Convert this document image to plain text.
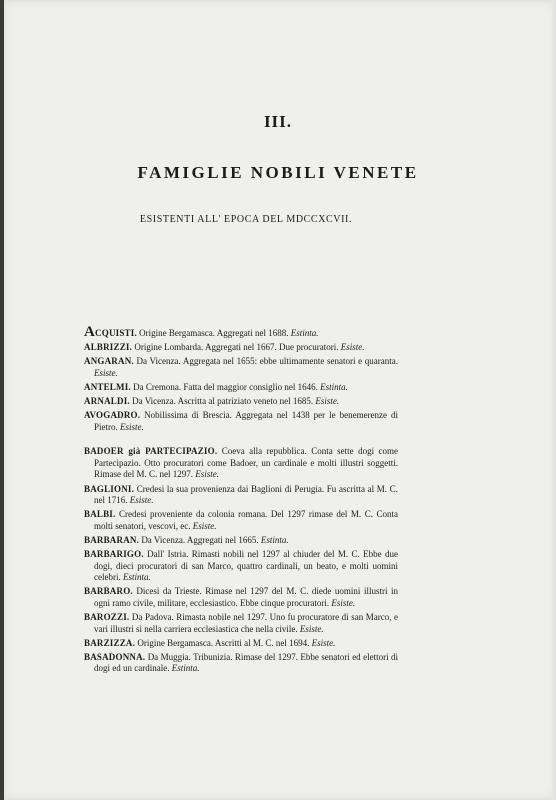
III.
FAMIGLIE NOBILI VENETE
ESISTENTI ALL' EPOCA DEL MDCCXCVII.
ACQUISTI. Origine Bergamasca. Aggregati nel 1688. Estinta.
ALBRIZZI. Origine Lombarda. Aggregati nel 1667. Due procuratori. Esiste.
ANGARAN. Da Vicenza. Aggregata nel 1655: ebbe ultimamente senatori e quaranta. Esiste.
ANTELMI. Da Cremona. Fatta del maggior consiglio nel 1646. Estinta.
ARNALDI. Da Vicenza. Ascritta al patriziato veneto nel 1685. Esiste.
AVOGADRO. Nobilissima di Brescia. Aggregata nel 1438 per le benemerenze di Pietro. Esiste.
BADOER già PARTECIPAZIO. Coeva alla repubblica. Conta sette dogi come Partecipazio. Otto procuratori come Badoer, un cardinale e molti illustri soggetti. Rimase del M. C. nel 1297. Esiste.
BAGLIONI. Credesi la sua provenienza dai Baglioni di Perugia. Fu ascritta al M. C. nel 1716. Esiste.
BALBI. Credesi proveniente da colonia romana. Del 1297 rimase del M. C. Conta molti senatori, vescovi, ec. Esiste.
BARBARAN. Da Vicenza. Aggregati nel 1665. Estinta.
BARBARIGO. Dall' Istria. Rimasti nobili nel 1297 al chiuder del M. C. Ebbe due dogi, dieci procuratori di san Marco, quattro cardinali, un beato, e molti uomini celebri. Estinta.
BARBARO. Dicesi da Trieste. Rimase nel 1297 del M. C. diede uomini illustri in ogni ramo civile, militare, ecclesiastico. Ebbe cinque procuratori. Esiste.
BAROZZI. Da Padova. Rimasta nobile nel 1297. Uno fu procuratore di san Marco, e vari illustri sì nella carriera ecclesiastica che nella civile. Esiste.
BARZIZZA. Origine Bergamasca. Ascritti al M. C. nel 1694. Esiste.
BASADONNA. Da Muggia. Tribunizia. Rimase del 1297. Ebbe senatori ed elettori di dogi ed un cardinale. Estinta.
